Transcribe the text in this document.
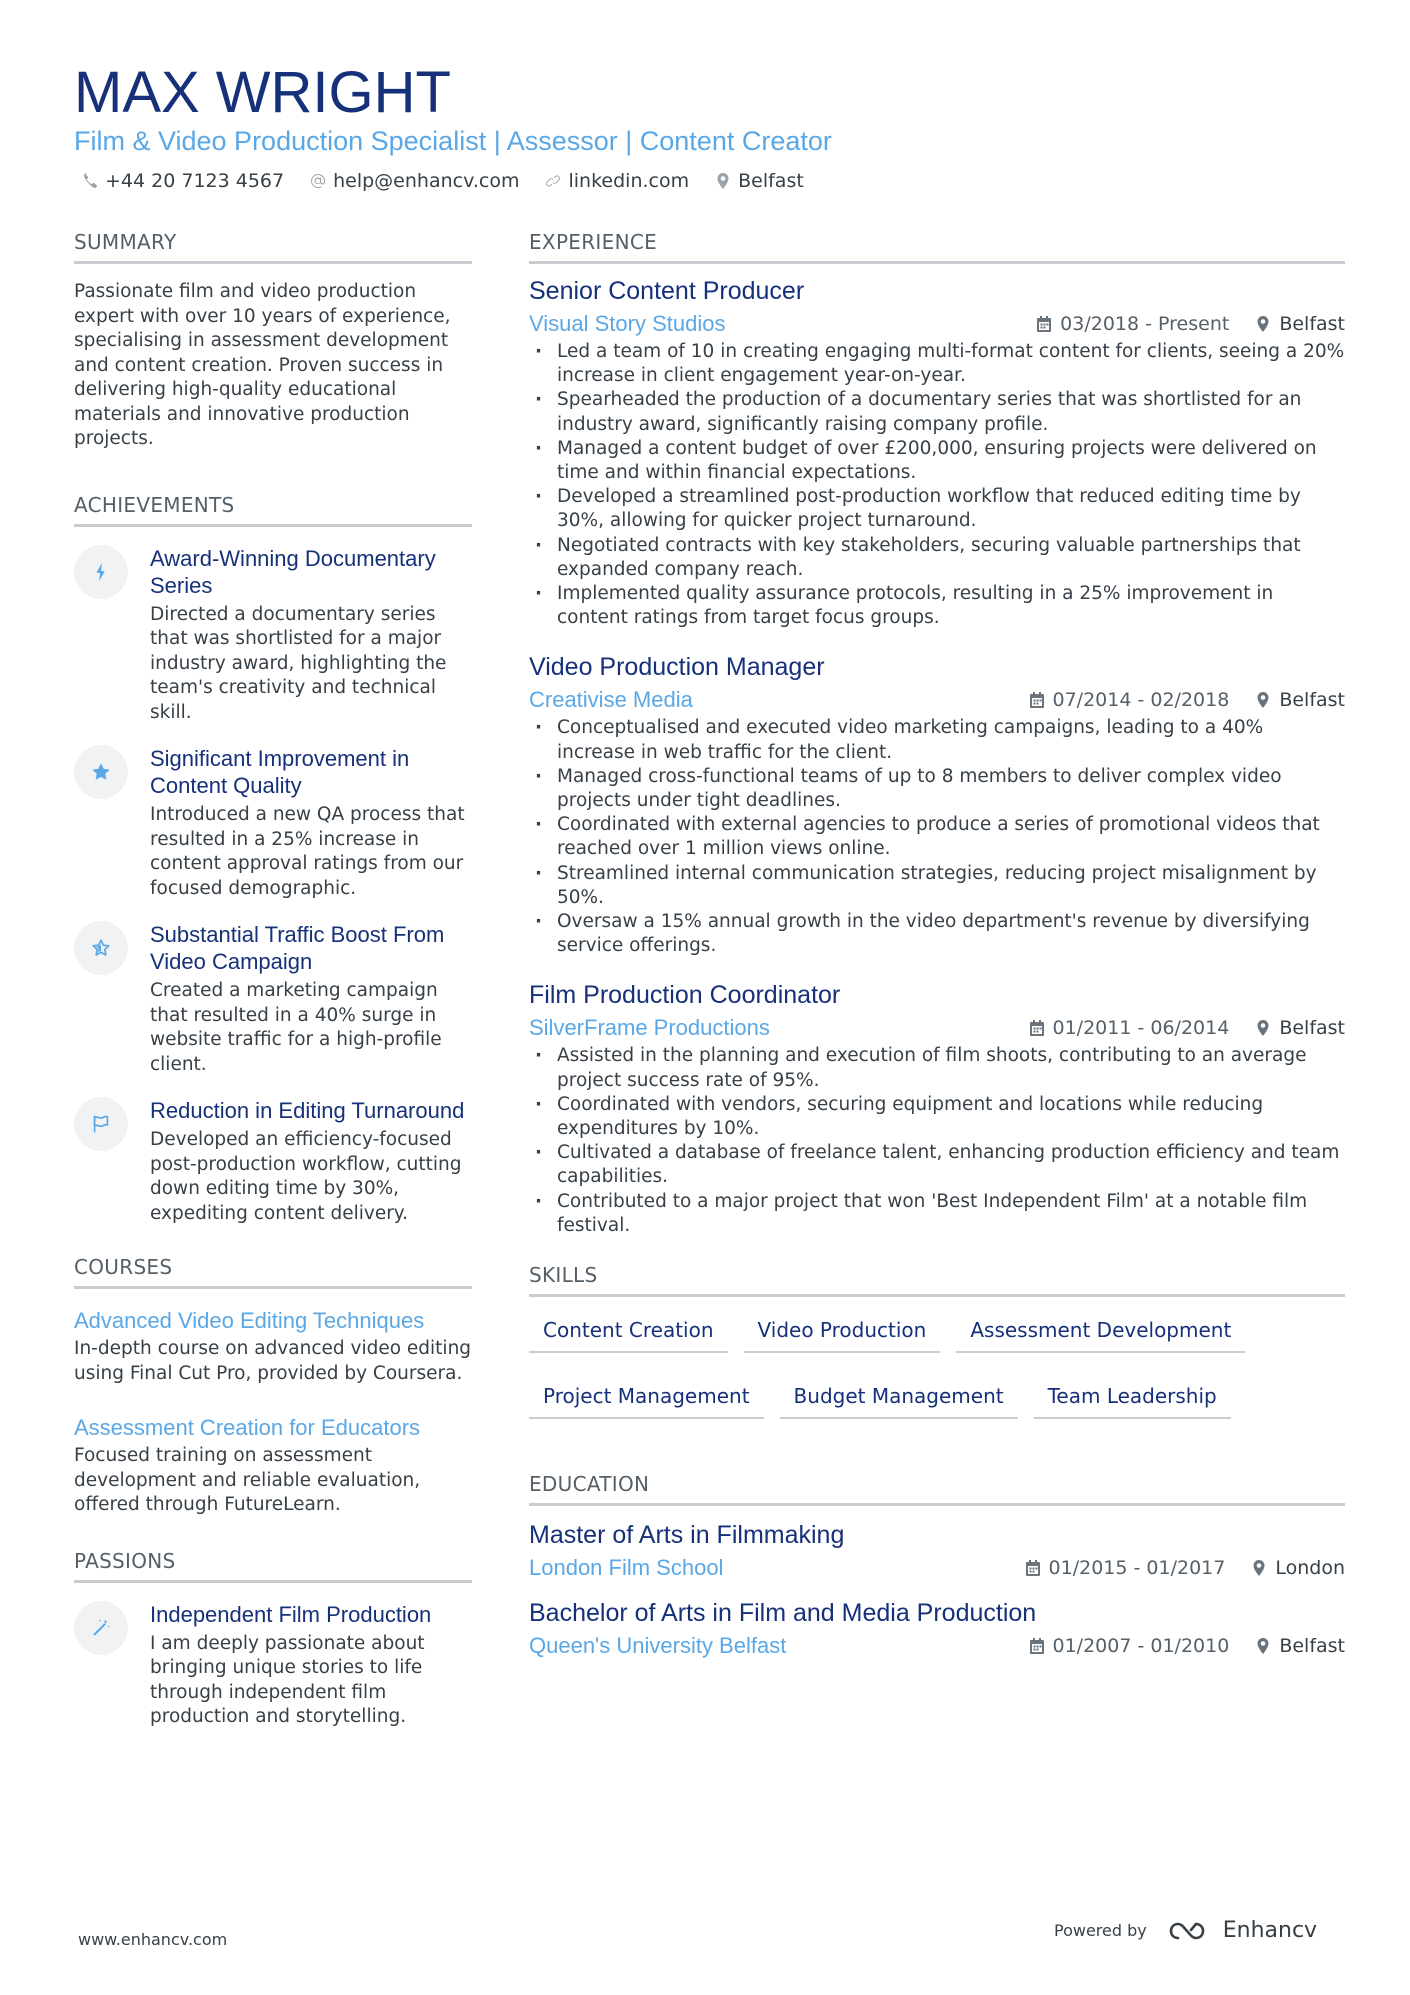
MAX WRIGHT
Film & Video Production Specialist | Assessor | Content Creator
+44 20 7123 4567	help@enhancv.com	linkedin.com	Belfast
SUMMARY
Passionate film and video production expert with over 10 years of experience, specialising in assessment development and content creation. Proven success in delivering high-quality educational materials and innovative production projects.
ACHIEVEMENTS
Award-Winning Documentary Series
Directed a documentary series that was shortlisted for a major industry award, highlighting the team's creativity and technical skill.
Significant Improvement in Content Quality
Introduced a new QA process that resulted in a 25% increase in content approval ratings from our focused demographic.
Substantial Traffic Boost From Video Campaign
Created a marketing campaign that resulted in a 40% surge in website traffic for a high-profile client.
Reduction in Editing Turnaround
Developed an efficiency-focused post-production workflow, cutting down editing time by 30%, expediting content delivery.
COURSES
Advanced Video Editing Techniques
In-depth course on advanced video editing using Final Cut Pro, provided by Coursera.
Assessment Creation for Educators
Focused training on assessment development and reliable evaluation, offered through FutureLearn.
PASSIONS
Independent Film Production
I am deeply passionate about bringing unique stories to life through independent film production and storytelling.
EXPERIENCE
Senior Content Producer
Visual Story Studios	03/2018 - Present	Belfast
· Led a team of 10 in creating engaging multi-format content for clients, seeing a 20% increase in client engagement year-on-year.
· Spearheaded the production of a documentary series that was shortlisted for an industry award, significantly raising company profile.
· Managed a content budget of over £200,000, ensuring projects were delivered on time and within financial expectations.
· Developed a streamlined post-production workflow that reduced editing time by 30%, allowing for quicker project turnaround.
· Negotiated contracts with key stakeholders, securing valuable partnerships that expanded company reach.
· Implemented quality assurance protocols, resulting in a 25% improvement in content ratings from target focus groups.
Video Production Manager
Creativise Media	07/2014 - 02/2018	Belfast
· Conceptualised and executed video marketing campaigns, leading to a 40% increase in web traffic for the client.
· Managed cross-functional teams of up to 8 members to deliver complex video projects under tight deadlines.
· Coordinated with external agencies to produce a series of promotional videos that reached over 1 million views online.
· Streamlined internal communication strategies, reducing project misalignment by 50%.
· Oversaw a 15% annual growth in the video department's revenue by diversifying service offerings.
Film Production Coordinator
SilverFrame Productions	01/2011 - 06/2014	Belfast
· Assisted in the planning and execution of film shoots, contributing to an average project success rate of 95%.
· Coordinated with vendors, securing equipment and locations while reducing expenditures by 10%.
· Cultivated a database of freelance talent, enhancing production efficiency and team capabilities.
· Contributed to a major project that won 'Best Independent Film' at a notable film festival.
SKILLS
Content Creation	Video Production	Assessment Development
Project Management	Budget Management	Team Leadership
EDUCATION
Master of Arts in Filmmaking
London Film School	01/2015 - 01/2017	London
Bachelor of Arts in Film and Media Production
Queen's University Belfast	01/2007 - 01/2010	Belfast
www.enhancv.com	Powered by	Enhancv
